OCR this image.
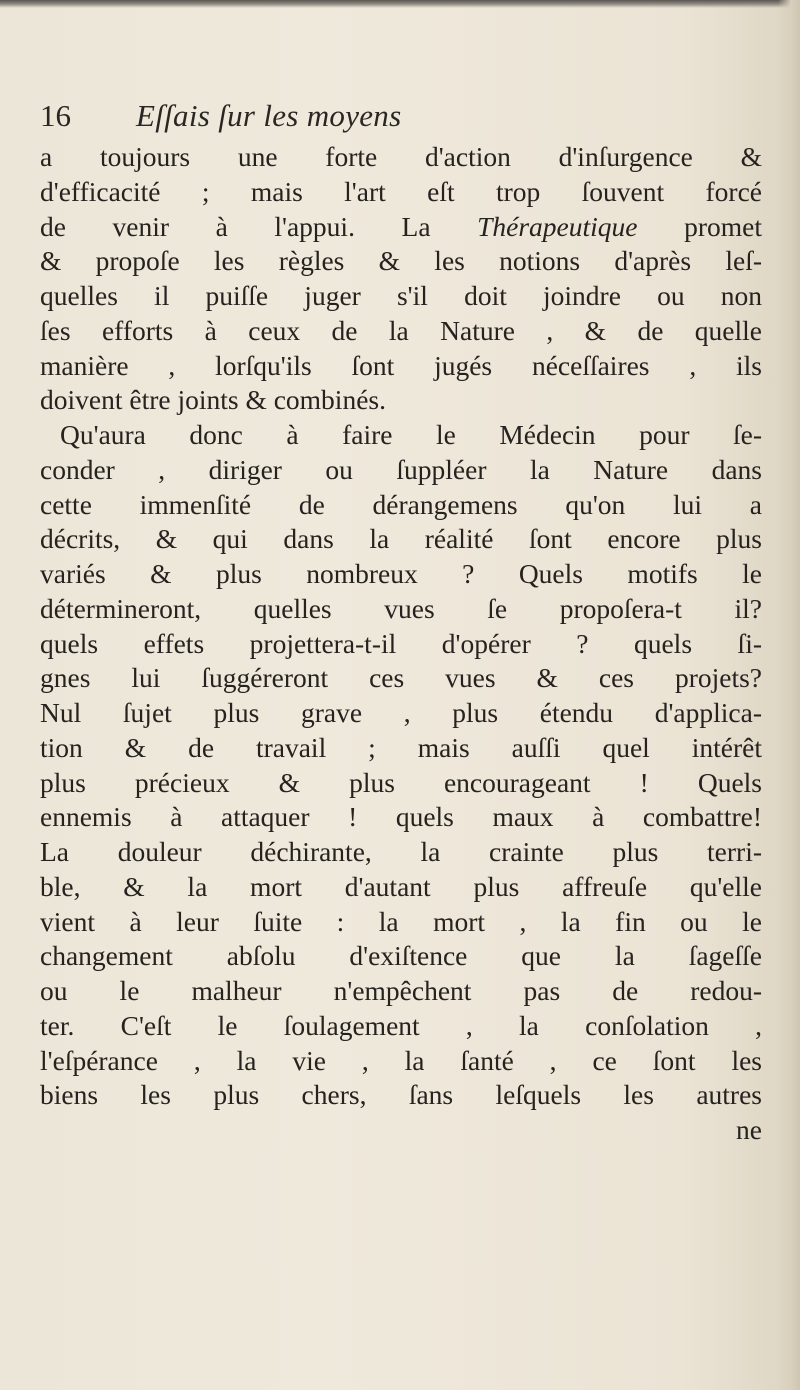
16 Eſſais ſur les moyens
a toujours une forte d'action d'inſurgence &
d'efficacité ; mais l'art eſt trop ſouvent forcé
de venir à l'appui. La Thérapeutique promet
& propoſe les règles & les notions d'après leſ-
quelles il puiſſe juger s'il doit joindre ou non
ſes efforts à ceux de la Nature , & de quelle
manière , lorſqu'ils ſont jugés néceſſaires , ils
doivent être joints & combinés.
Qu'aura donc à faire le Médecin pour ſe-
conder , diriger ou ſuppléer la Nature dans
cette immenſité de dérangemens qu'on lui a
décrits, & qui dans la réalité ſont encore plus
variés & plus nombreux ? Quels motifs le
détermineront, quelles vues ſe propoſera-t il?
quels effets projettera-t-il d'opérer ? quels ſi-
gnes lui ſuggéreront ces vues & ces projets?
Nul ſujet plus grave , plus étendu d'applica-
tion & de travail ; mais auſſi quel intérêt
plus précieux & plus encourageant ! Quels
ennemis à attaquer ! quels maux à combattre!
La douleur déchirante, la crainte plus terri-
ble, & la mort d'autant plus affreuſe qu'elle
vient à leur ſuite : la mort , la fin ou le
changement abſolu d'exiſtence que la ſageſſe
ou le malheur n'empêchent pas de redou-
ter. C'eſt le ſoulagement , la conſolation ,
l'eſpérance , la vie , la ſanté , ce ſont les
biens les plus chers, ſans leſquels les autres
ne
